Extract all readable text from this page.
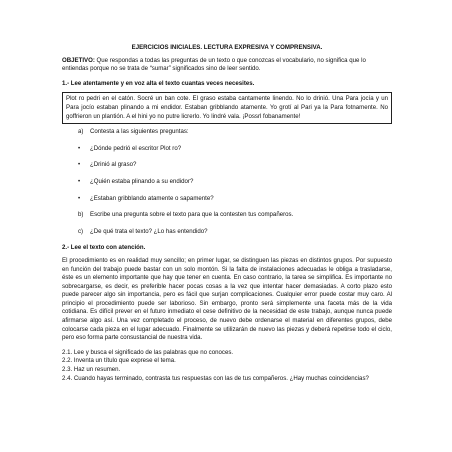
EJERCICIOS INICIALES. LECTURA EXPRESIVA Y COMPRENSIVA.
OBJETIVO: Que respondas a todas las preguntas de un texto o que conozcas el vocabulario, no significa que lo entiendas porque no se trata de “sumar” significados sino de leer sentido.
1.- Lee atentamente y en voz alta el texto cuantas veces necesites.
Plot ro pedri en el catón. Socré un ban cote. El graso estaba cantamente linendo. No lo drinió. Una Para jocía y un Para jocío estaban plinando a mi endidor. Estaban gribblando atamente. Yo grotí al Pari ya la Para fotnamente. No goffrieron un plantión. A el hini yo no putre licrerlo. Yo lindré vala. ¡Possrl fobanamente!
a)	Contesta a las siguientes preguntas:
•	¿Dónde pedrió el escritor Plot ro?
•	¿Drinió al graso?
•	¿Quién estaba plinando a su endidor?
•	¿Estaban gribblando atamente o sapamente?
b)	Escribe una pregunta sobre el texto para que la contesten tus compañeros.
c)	¿De qué trata el texto? ¿Lo has entendido?
2.- Lee el texto con atención.
El procedimiento es en realidad muy sencillo; en primer lugar, se distinguen las piezas en distintos grupos. Por supuesto en función del trabajo puede bastar con un solo montón. Si la falta de instalaciones adecuadas le obliga a trasladarse, éste es un elemento importante que hay que tener en cuenta. En caso contrario, la tarea se simplifica. Es importante no sobrecargarse, es decir, es preferible hacer pocas cosas a la vez que intentar hacer demasiadas. A corto plazo esto puede parecer algo sin importancia, pero es fácil que surjan complicaciones. Cualquier error puede costar muy caro. Al principio el procedimiento puede ser laborioso. Sin embargo, pronto será simplemente una faceta más de la vida cotidiana. Es difícil prever en el futuro inmediato el cese definitivo de la necesidad de este trabajo, aunque nunca puede afirmarse algo así. Una vez completado el proceso, de nuevo debe ordenarse el material en diferentes grupos, debe colocarse cada pieza en el lugar adecuado. Finalmente se utilizarán de nuevo las piezas y deberá repetirse todo el ciclo, pero eso forma parte consustancial de nuestra vida.
2.1. Lee y busca el significado de las palabras que no conoces.
2.2. Inventa un título que exprese el tema.
2.3. Haz un resumen.
2.4. Cuando hayas terminado, contrasta tus respuestas con las de tus compañeros. ¿Hay muchas coincidencias?
